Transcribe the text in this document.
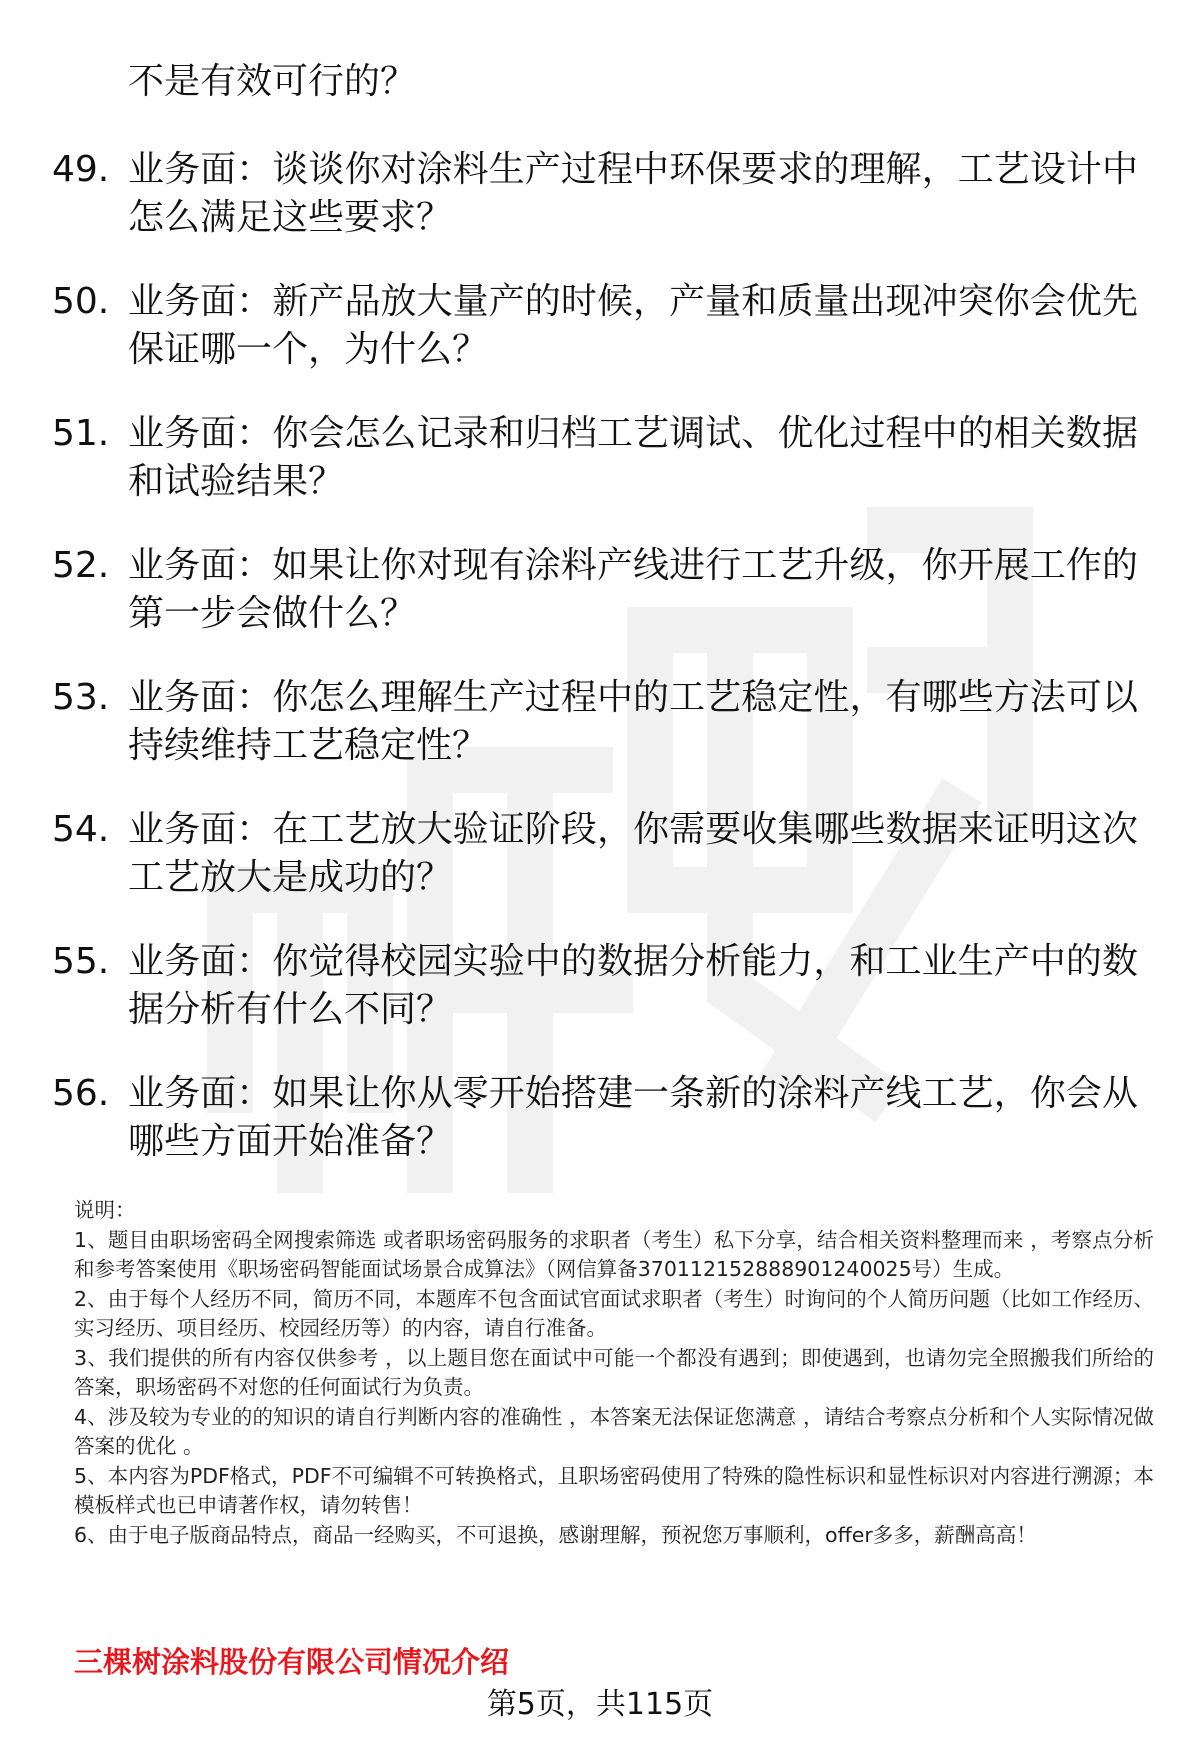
不是有效可行的？
49. 业务面：谈谈你对涂料生产过程中环保要求的理解，工艺设计中怎么满足这些要求？
50. 业务面：新产品放大量产的时候，产量和质量出现冲突你会优先保证哪一个，为什么？
51. 业务面：你会怎么记录和归档工艺调试、优化过程中的相关数据和试验结果？
52. 业务面：如果让你对现有涂料产线进行工艺升级，你开展工作的第一步会做什么？
53. 业务面：你怎么理解生产过程中的工艺稳定性，有哪些方法可以持续维持工艺稳定性？
54. 业务面：在工艺放大验证阶段，你需要收集哪些数据来证明这次工艺放大是成功的？
55. 业务面：你觉得校园实验中的数据分析能力，和工业生产中的数据分析有什么不同？
56. 业务面：如果让你从零开始搭建一条新的涂料产线工艺，你会从哪些方面开始准备？
说明：
1、题目由职场密码全网搜索筛选 或者职场密码服务的求职者（考生）私下分享，结合相关资料整理而来 ，考察点分析和参考答案使用《职场密码智能面试场景合成算法》（网信算备370112152888901240025号）生成。
2、由于每个人经历不同，简历不同，本题库不包含面试官面试求职者（考生）时询问的个人简历问题（比如工作经历、实习经历、项目经历、校园经历等）的内容，请自行准备。
3、我们提供的所有内容仅供参考 ，以上题目您在面试中可能一个都没有遇到；即使遇到，也请勿完全照搬我们所给的答案，职场密码不对您的任何面试行为负责。
4、涉及较为专业的的知识的请自行判断内容的准确性 ，本答案无法保证您满意 ，请结合考察点分析和个人实际情况做答案的优化 。
5、本内容为PDF格式，PDF不可编辑不可转换格式，且职场密码使用了特殊的隐性标识和显性标识对内容进行溯源；本模板样式也已申请著作权，请勿转售！
6、由于电子版商品特点，商品一经购买，不可退换，感谢理解，预祝您万事顺利，offer多多，薪酬高高！
三棵树涂料股份有限公司情况介绍
第5页，共115页
